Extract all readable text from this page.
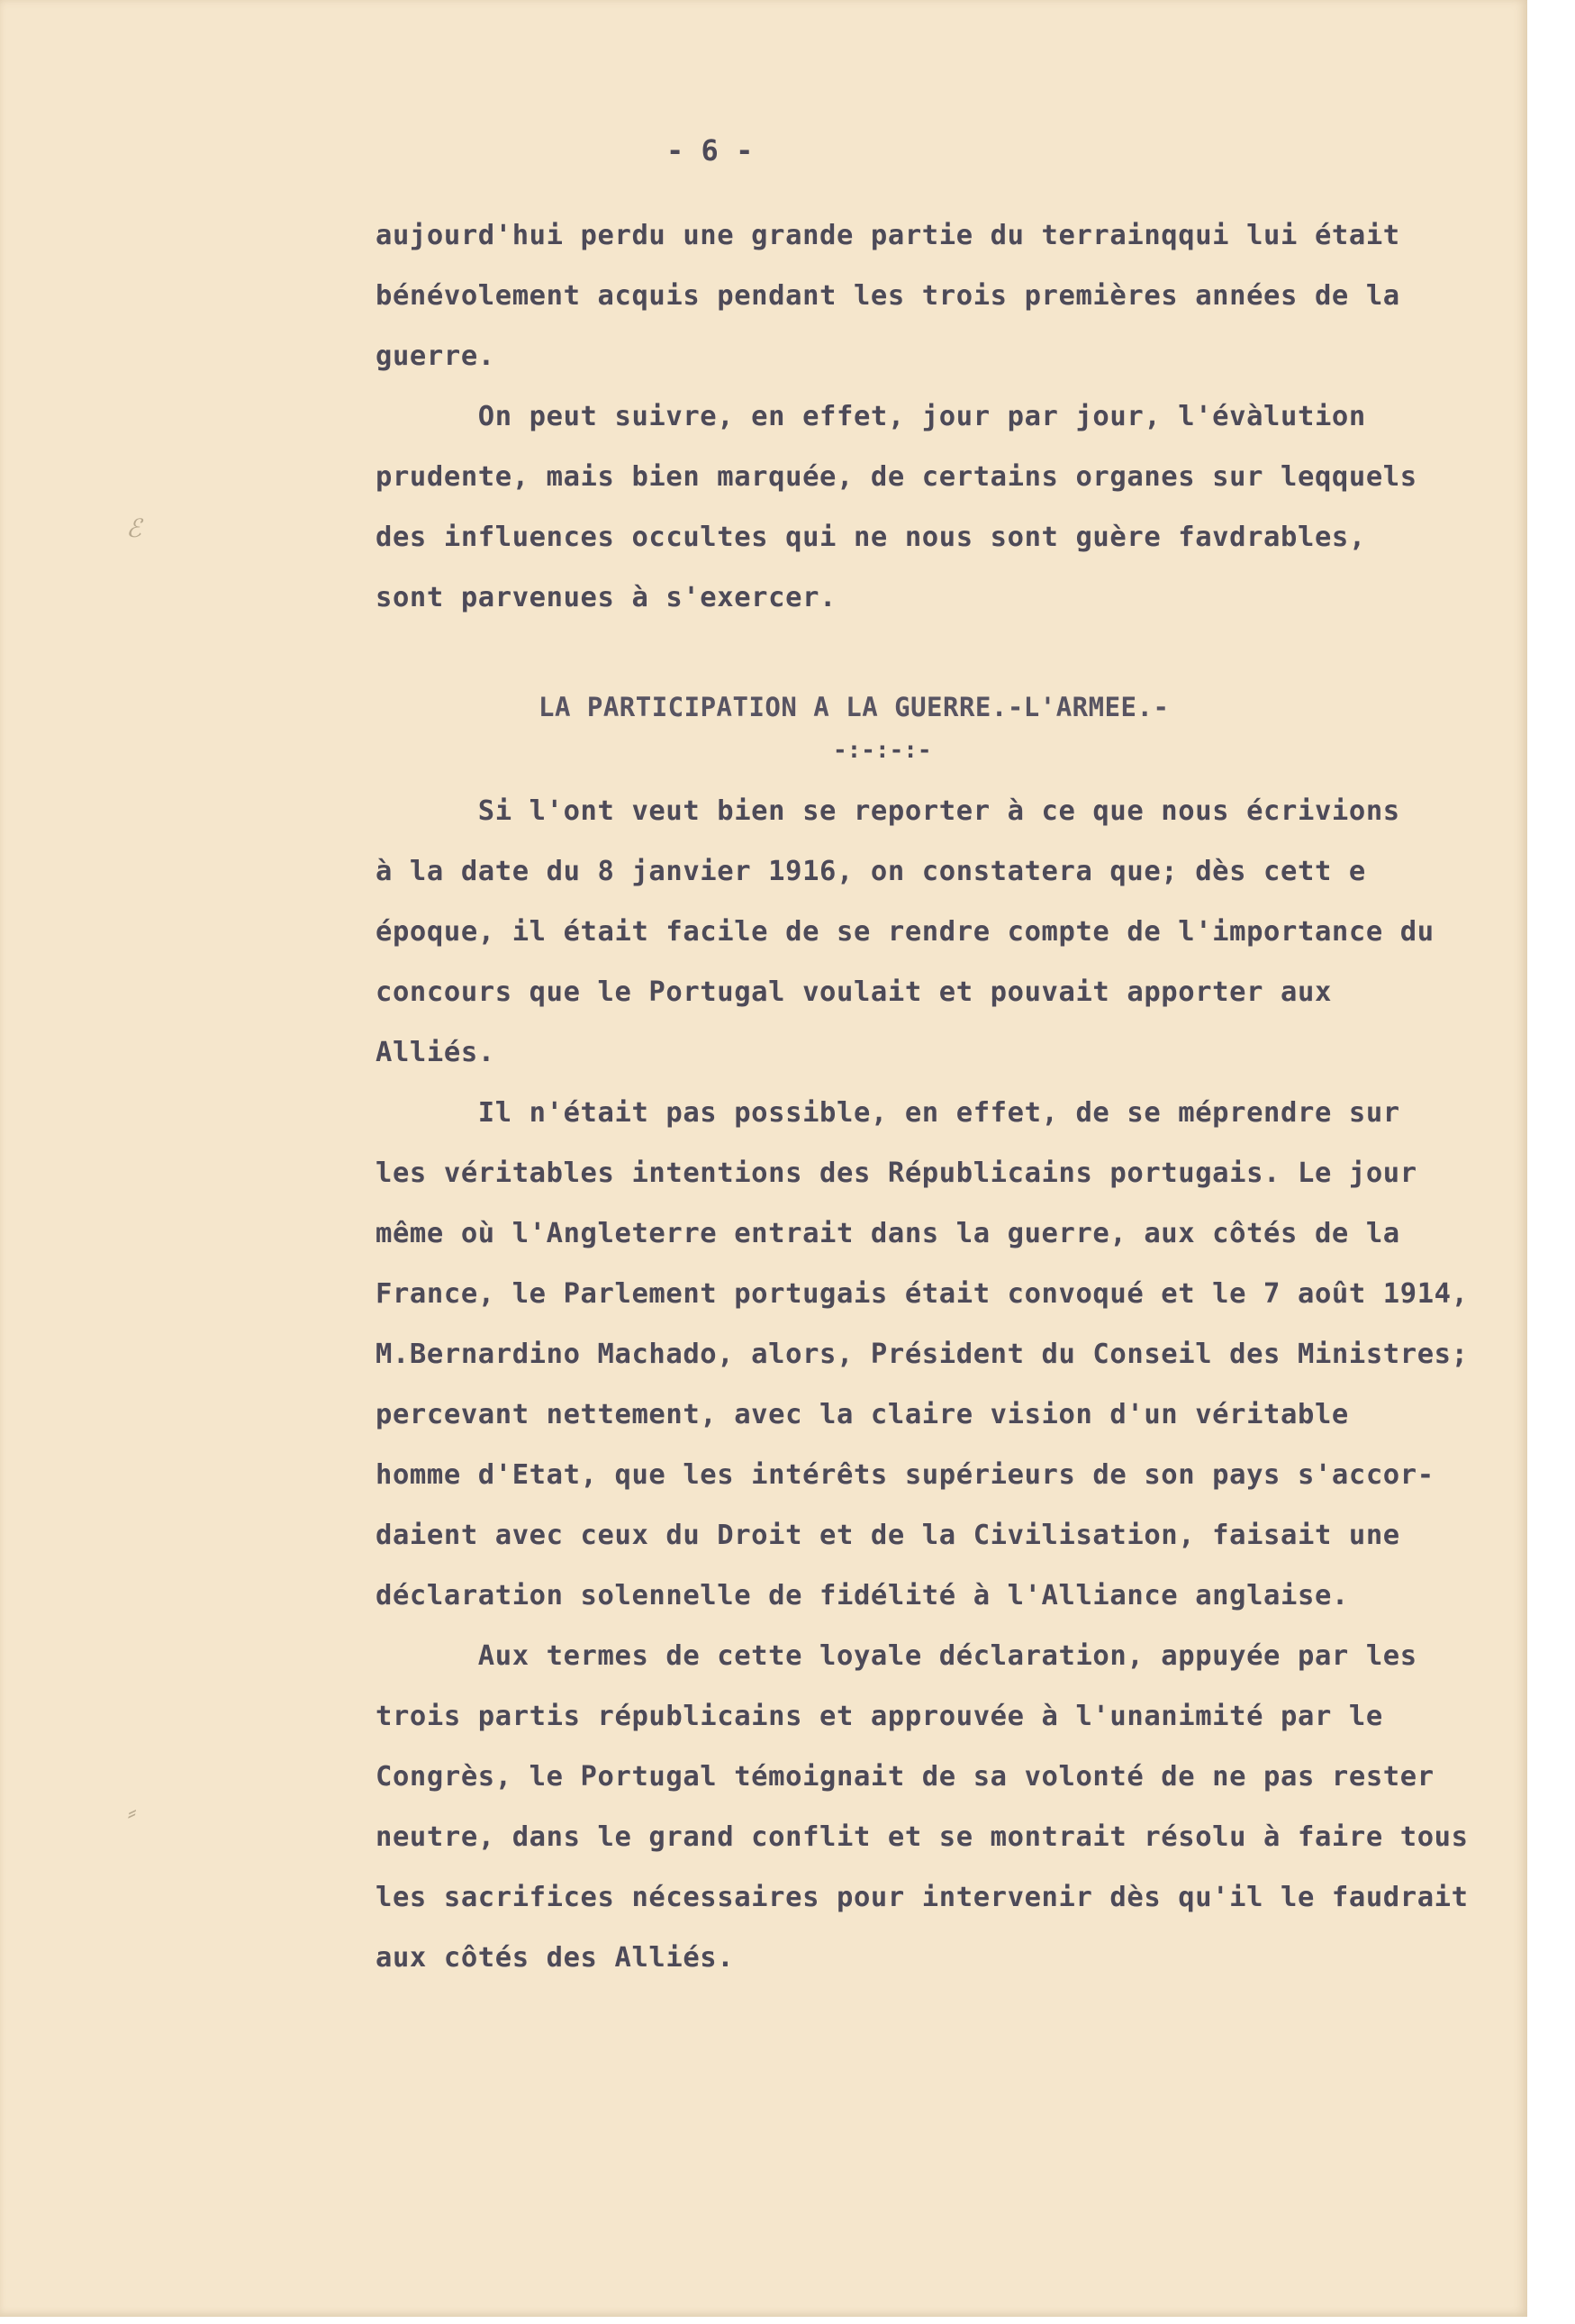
- 6 -

aujourd'hui perdu une grande partie du terrainqqui lui était

bénévolement acquis pendant les trois premières années de la

guerre.

On peut suivre, en effet, jour par jour, l'évàlution

prudente, mais bien marquée, de certains organes sur leqquels

des influences occultes qui ne nous sont guère favdrables,

sont parvenues à s'exercer.

LA PARTICIPATION A LA GUERRE.-L'ARMEE.-
-:-:-:-

Si l'ont veut bien se reporter à ce que nous écrivions

à la date du 8 janvier 1916, on constatera que; dès cett e

époque, il était facile de se rendre compte de l'importance du

concours que le Portugal voulait et pouvait apporter aux

Alliés.

Il n'était pas possible, en effet, de se méprendre sur

les véritables intentions des Républicains portugais. Le jour

même où l'Angleterre entrait dans la guerre, aux côtés de la

France, le Parlement portugais était convoqué et le 7 août 1914,

M.Bernardino Machado, alors, Président du Conseil des Ministres;

percevant nettement, avec la claire vision d'un véritable

homme d'Etat, que les intérêts supérieurs de son pays s'accor-

daient avec ceux du Droit et de la Civilisation, faisait une

déclaration solennelle de fidélité à l'Alliance anglaise.

Aux termes de cette loyale déclaration, appuyée par les

trois partis républicains et approuvée à l'unanimité par le

Congrès, le Portugal témoignait de sa volonté de ne pas rester

neutre, dans le grand conflit et se montrait résolu à faire tous

les sacrifices nécessaires pour intervenir dès qu'il le faudrait

aux côtés des Alliés.

ℰ
⸗
